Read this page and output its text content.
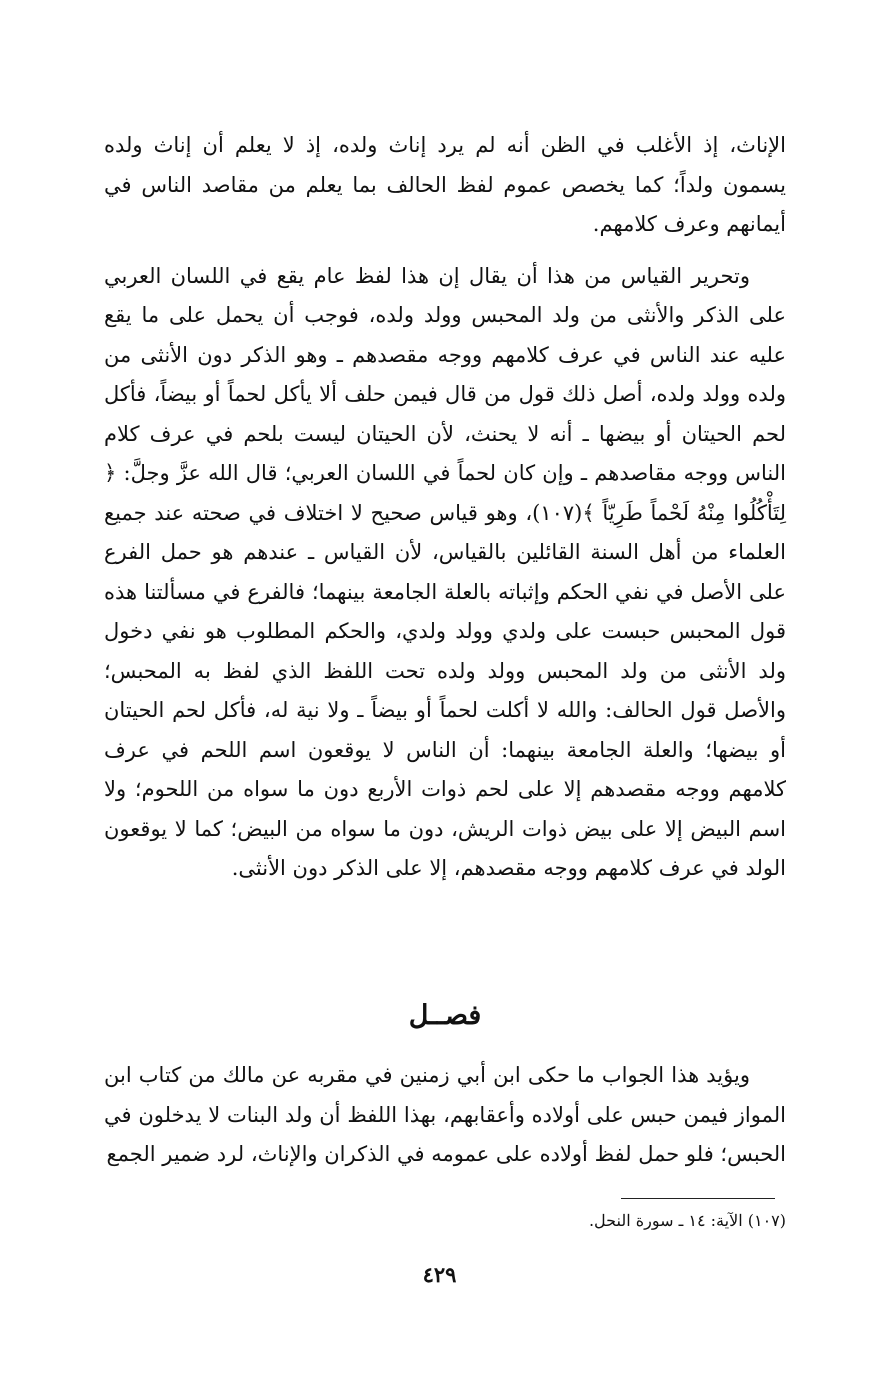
الإناث، إذ الأغلب في الظن أنه لم يرد إناث ولده، إذ لا يعلم أن إناث ولده يسمون ولداً؛ كما يخصص عموم لفظ الحالف بما يعلم من مقاصد الناس في أيمانهم وعرف كلامهم.

وتحرير القياس من هذا أن يقال إن هذا لفظ عام يقع في اللسان العربي على الذكر والأنثى من ولد المحبس وولد ولده، فوجب أن يحمل على ما يقع عليه عند الناس في عرف كلامهم ووجه مقصدهم ـ وهو الذكر دون الأنثى من ولده وولد ولده، أصل ذلك قول من قال فيمن حلف ألا يأكل لحماً أو بيضاً، فأكل لحم الحيتان أو بيضها ـ أنه لا يحنث، لأن الحيتان ليست بلحم في عرف كلام الناس ووجه مقاصدهم ـ وإن كان لحماً في اللسان العربي؛ قال الله عزَّ وجلَّ: ﴿ لِتَأْكُلُوا مِنْهُ لَحْماً طَرِيّاً ﴾(١٠٧)، وهو قياس صحيح لا اختلاف في صحته عند جميع العلماء من أهل السنة القائلين بالقياس، لأن القياس ـ عندهم هو حمل الفرع على الأصل في نفي الحكم وإثباته بالعلة الجامعة بينهما؛ فالفرع في مسألتنا هذه قول المحبس حبست على ولدي وولد ولدي، والحكم المطلوب هو نفي دخول ولد الأنثى من ولد المحبس وولد ولده تحت اللفظ الذي لفظ به المحبس؛ والأصل قول الحالف: والله لا أكلت لحماً أو بيضاً ـ ولا نية له، فأكل لحم الحيتان أو بيضها؛ والعلة الجامعة بينهما: أن الناس لا يوقعون اسم اللحم في عرف كلامهم ووجه مقصدهم إلا على لحم ذوات الأربع دون ما سواه من اللحوم؛ ولا اسم البيض إلا على بيض ذوات الريش، دون ما سواه من البيض؛ كما لا يوقعون الولد في عرف كلامهم ووجه مقصدهم، إلا على الذكر دون الأنثى.

فصــل

ويؤيد هذا الجواب ما حكى ابن أبي زمنين في مقربه عن مالك من كتاب ابن المواز فيمن حبس على أولاده وأعقابهم، بهذا اللفظ أن ولد البنات لا يدخلون في الحبس؛ فلو حمل لفظ أولاده على عمومه في الذكران والإناث، لرد ضمير الجمع

(١٠٧) الآية: ١٤ ـ سورة النحل.

٤٢٩
